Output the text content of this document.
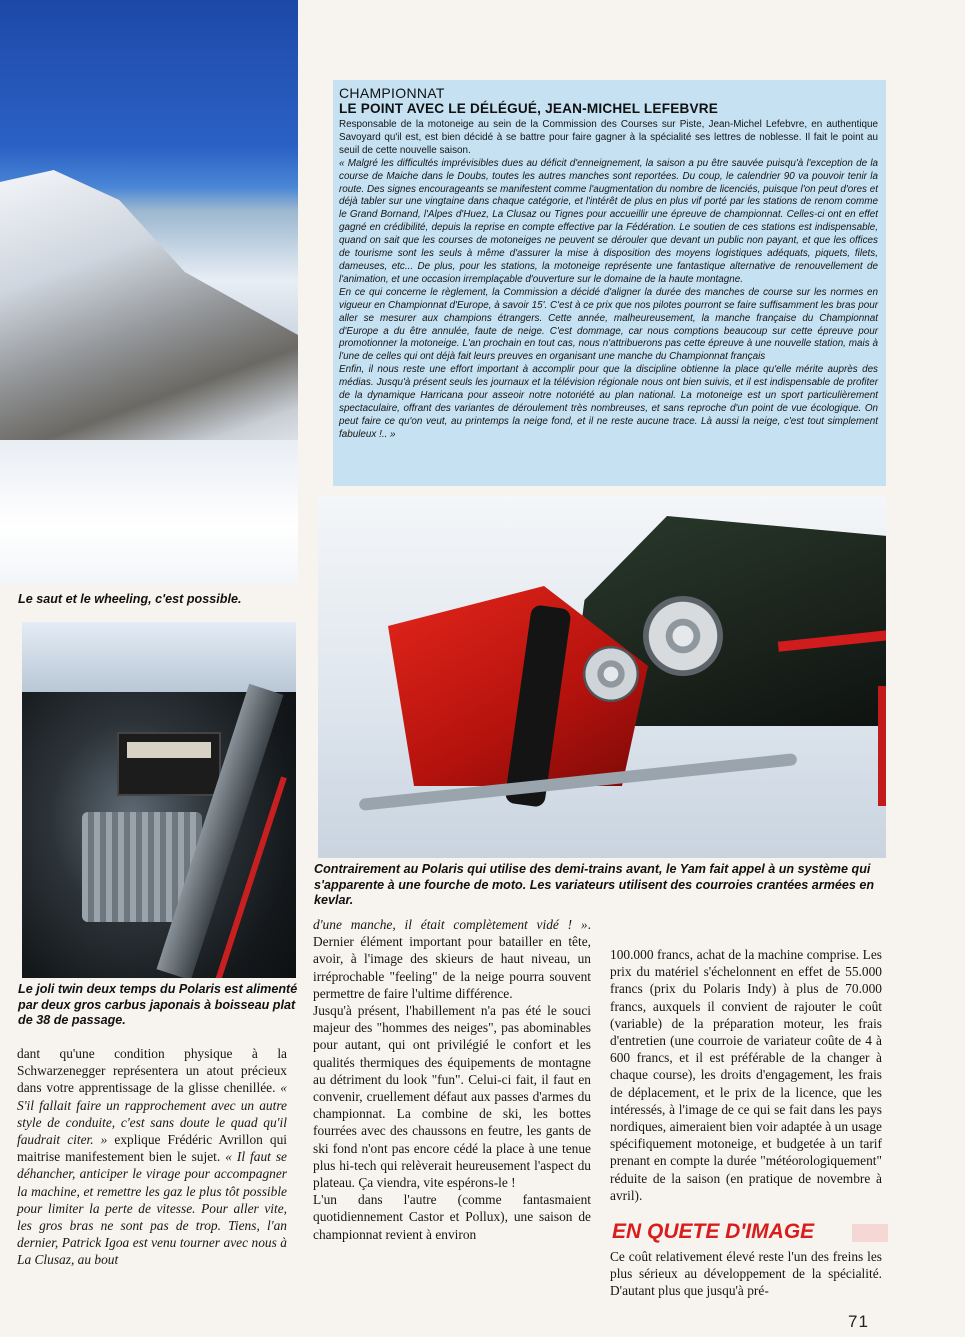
CHAMPIONNAT
LE POINT AVEC LE DÉLÉGUÉ, JEAN-MICHEL LEFEBVRE

Responsable de la motoneige au sein de la Commission des Courses sur Piste, Jean-Michel Lefebvre, en authentique Savoyard qu'il est, est bien décidé à se battre pour faire gagner à la spécialité ses lettres de noblesse. Il fait le point au seuil de cette nouvelle saison.

« Malgré les difficultés imprévisibles dues au déficit d'enneignement, la saison a pu être sauvée puisqu'à l'exception de la course de Maiche dans le Doubs, toutes les autres manches sont reportées. Du coup, le calendrier 90 va pouvoir tenir la route. Des signes encourageants se manifestent comme l'augmentation du nombre de licenciés, puisque l'on peut d'ores et déjà tabler sur une vingtaine dans chaque catégorie, et l'intérêt de plus en plus vif porté par les stations de renom comme le Grand Bornand, l'Alpes d'Huez, La Clusaz ou Tignes pour accueillir une épreuve de championnat. Celles-ci ont en effet gagné en crédibilité, depuis la reprise en compte effective par la Fédération. Le soutien de ces stations est indispensable, quand on sait que les courses de motoneiges ne peuvent se dérouler que devant un public non payant, et que les offices de tourisme sont les seuls à même d'assurer la mise à disposition des moyens logistiques adéquats, piquets, filets, dameuses, etc... De plus, pour les stations, la motoneige représente une fantastique alternative de renouvellement de l'animation, et une occasion irremplaçable d'ouverture sur le domaine de la haute montagne.

En ce qui concerne le règlement, la Commission a décidé d'aligner la durée des manches de course sur les normes en vigueur en Championnat d'Europe, à savoir 15'. C'est à ce prix que nos pilotes pourront se faire suffisamment les bras pour aller se mesurer aux champions étrangers. Cette année, malheureusement, la manche française du Championnat d'Europe a du être annulée, faute de neige. C'est dommage, car nous comptions beaucoup sur cette épreuve pour promotionner la motoneige. L'an prochain en tout cas, nous n'attribuerons pas cette épreuve à une nouvelle station, mais à l'une de celles qui ont déjà fait leurs preuves en organisant une manche du Championnat français

Enfin, il nous reste une effort important à accomplir pour que la discipline obtienne la place qu'elle mérite auprès des médias. Jusqu'à présent seuls les journaux et la télévision régionale nous ont bien suivis, et il est indispensable de profiter de la dynamique Harricana pour asseoir notre notoriété au plan national. La motoneige est un sport particulièrement spectaculaire, offrant des variantes de déroulement très nombreuses, et sans reproche d'un point de vue écologique. On peut faire ce qu'on veut, au printemps la neige fond, et il ne reste aucune trace. Là aussi la neige, c'est tout simplement fabuleux !.. »

Le saut et le wheeling, c'est possible.
Le joli twin deux temps du Polaris est alimenté par deux gros carbus japonais à boisseau plat de 38 de passage.
Contrairement au Polaris qui utilise des demi-trains avant, le Yam fait appel à un système qui s'apparente à une fourche de moto. Les variateurs utilisent des courroies crantées armées en kevlar.

dant qu'une condition physique à la Schwarzenegger représentera un atout précieux dans votre apprentissage de la glisse chenillée. « S'il fallait faire un rapprochement avec un autre style de conduite, c'est sans doute le quad qu'il faudrait citer. » explique Frédéric Avrillon qui maitrise manifestement bien le sujet. « Il faut se déhancher, anticiper le virage pour accompagner la machine, et remettre les gaz le plus tôt possible pour limiter la perte de vitesse. Pour aller vite, les gros bras ne sont pas de trop. Tiens, l'an dernier, Patrick Igoa est venu tourner avec nous à La Clusaz, au bout

d'une manche, il était complètement vidé ! ». Dernier élément important pour batailler en tête, avoir, à l'image des skieurs de haut niveau, un irréprochable "feeling" de la neige pourra souvent permettre de faire l'ultime différence.

Jusqu'à présent, l'habillement n'a pas été le souci majeur des "hommes des neiges", pas abominables pour autant, qui ont privilégié le confort et les qualités thermiques des équipements de montagne au détriment du look "fun". Celui-ci fait, il faut en convenir, cruellement défaut aux passes d'armes du championnat. La combine de ski, les bottes fourrées avec des chaussons en feutre, les gants de ski fond n'ont pas encore cédé la place à une tenue plus hi-tech qui relèverait heureusement l'aspect du plateau. Ça viendra, vite espérons-le !

L'un dans l'autre (comme fantasmaient quotidiennement Castor et Pollux), une saison de championnat revient à environ

100.000 francs, achat de la machine comprise. Les prix du matériel s'échelonnent en effet de 55.000 francs (prix du Polaris Indy) à plus de 70.000 francs, auxquels il convient de rajouter le coût (variable) de la préparation moteur, les frais d'entretien (une courroie de variateur coûte de 4 à 600 francs, et il est préférable de la changer à chaque course), les droits d'engagement, les frais de déplacement, et le prix de la licence, que les intéressés, à l'image de ce qui se fait dans les pays nordiques, aimeraient bien voir adaptée à un usage spécifiquement motoneige, et budgetée à un tarif prenant en compte la durée "météorologiquement" réduite de la saison (en pratique de novembre à avril).

EN QUETE D'IMAGE

Ce coût relativement élevé reste l'un des freins les plus sérieux au développement de la spécialité. D'autant plus que jusqu'à pré-

71
